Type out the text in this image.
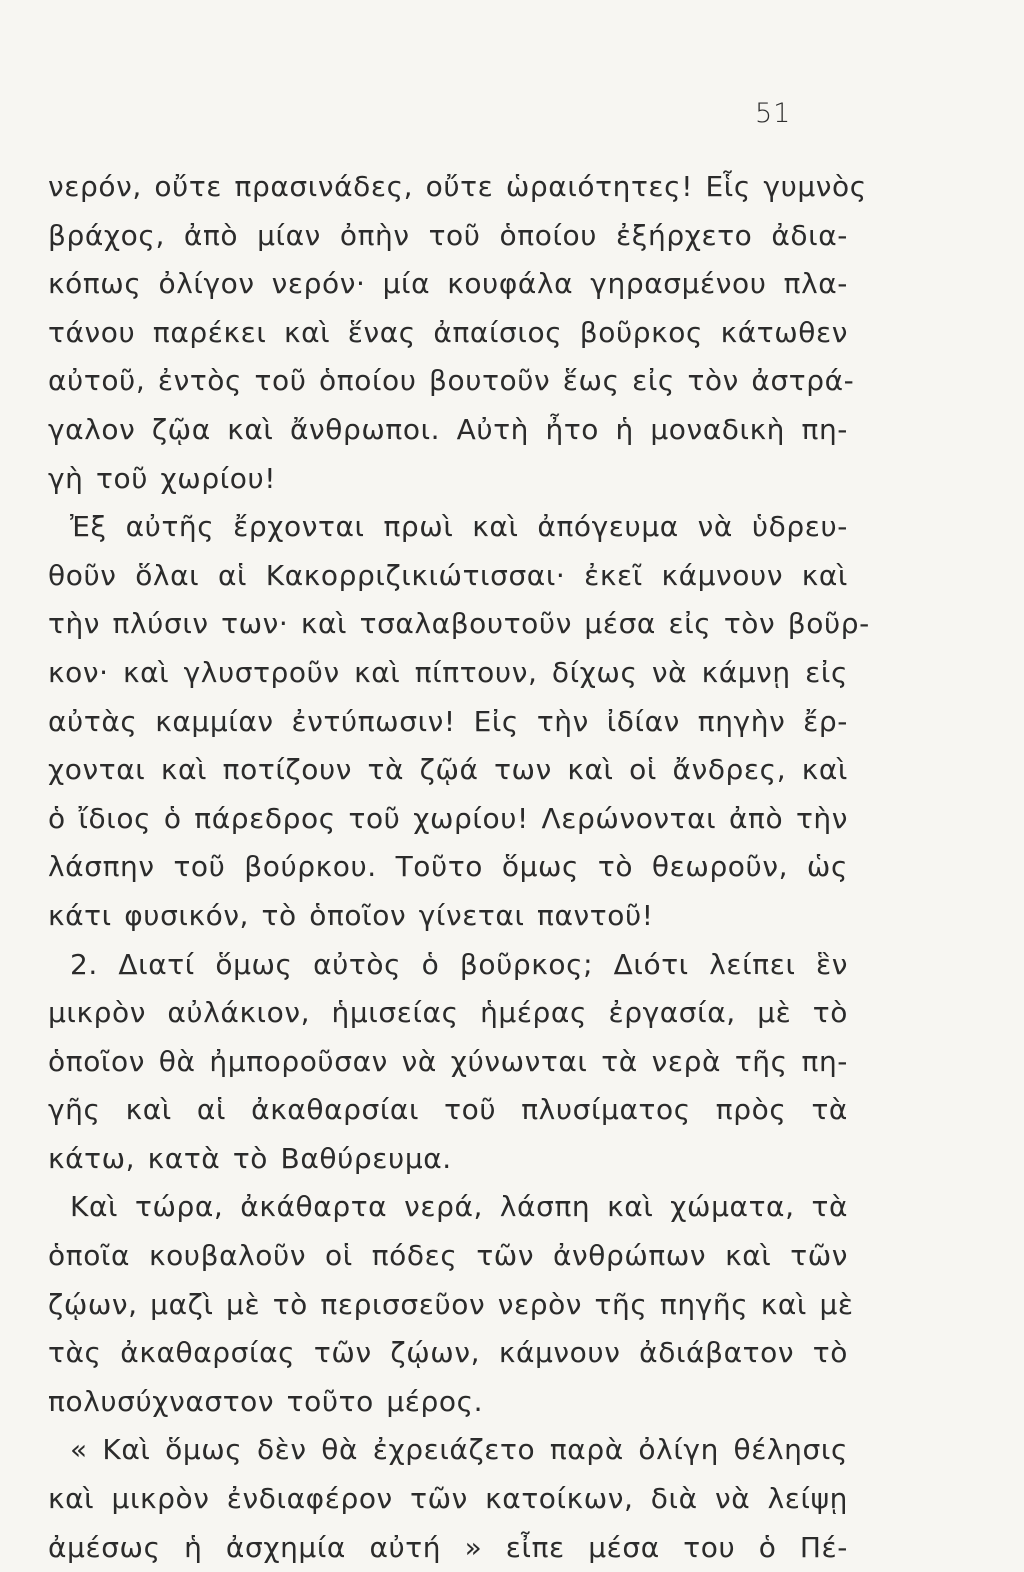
51
νερόν, οὔτε πρασινάδες, οὔτε ὡραιότητες! Εἷς γυμνὸς
βράχος, ἀπὸ μίαν ὀπὴν τοῦ ὁποίου ἐξήρχετο ἀδια-
κόπως ὀλίγον νερόν· μία κουφάλα γηρασμένου πλα-
τάνου παρέκει καὶ ἕνας ἀπαίσιος βοῦρκος κάτωθεν
αὐτοῦ, ἐντὸς τοῦ ὁποίου βουτοῦν ἕως εἰς τὸν ἀστρά-
γαλον ζῷα καὶ ἄνθρωποι. Αὐτὴ ἦτο ἡ μοναδικὴ πη-
γὴ τοῦ χωρίου!
Ἐξ αὐτῆς ἔρχονται πρωὶ καὶ ἀπόγευμα νὰ ὑδρευ-
θοῦν ὅλαι αἱ Κακορριζικιώτισσαι· ἐκεῖ κάμνουν καὶ
τὴν πλύσιν των· καὶ τσαλαβουτοῦν μέσα εἰς τὸν βοῦρ-
κον· καὶ γλυστροῦν καὶ πίπτουν, δίχως νὰ κάμνῃ εἰς
αὐτὰς καμμίαν ἐντύπωσιν! Εἰς τὴν ἰδίαν πηγὴν ἔρ-
χονται καὶ ποτίζουν τὰ ζῷά των καὶ οἱ ἄνδρες, καὶ
ὁ ἴδιος ὁ πάρεδρος τοῦ χωρίου! Λερώνονται ἀπὸ τὴν
λάσπην τοῦ βούρκου. Τοῦτο ὅμως τὸ θεωροῦν, ὡς
κάτι φυσικόν, τὸ ὁποῖον γίνεται παντοῦ!
2. Διατί ὅμως αὐτὸς ὁ βοῦρκος; Διότι λείπει ἓν
μικρὸν αὐλάκιον, ἡμισείας ἡμέρας ἐργασία, μὲ τὸ
ὁποῖον θὰ ἠμποροῦσαν νὰ χύνωνται τὰ νερὰ τῆς πη-
γῆς καὶ αἱ ἀκαθαρσίαι τοῦ πλυσίματος πρὸς τὰ
κάτω, κατὰ τὸ Βαθύρευμα.
Καὶ τώρα, ἀκάθαρτα νερά, λάσπη καὶ χώματα, τὰ
ὁποῖα κουβαλοῦν οἱ πόδες τῶν ἀνθρώπων καὶ τῶν
ζῴων, μαζὶ μὲ τὸ περισσεῦον νερὸν τῆς πηγῆς καὶ μὲ
τὰς ἀκαθαρσίας τῶν ζῴων, κάμνουν ἀδιάβατον τὸ
πολυσύχναστον τοῦτο μέρος.
« Καὶ ὅμως δὲν θὰ ἐχρειάζετο παρὰ ὀλίγη θέλησις
καὶ μικρὸν ἐνδιαφέρον τῶν κατοίκων, διὰ νὰ λείψῃ
ἀμέσως ἡ ἀσχημία αὐτή » εἶπε μέσα του ὁ Πέ-
